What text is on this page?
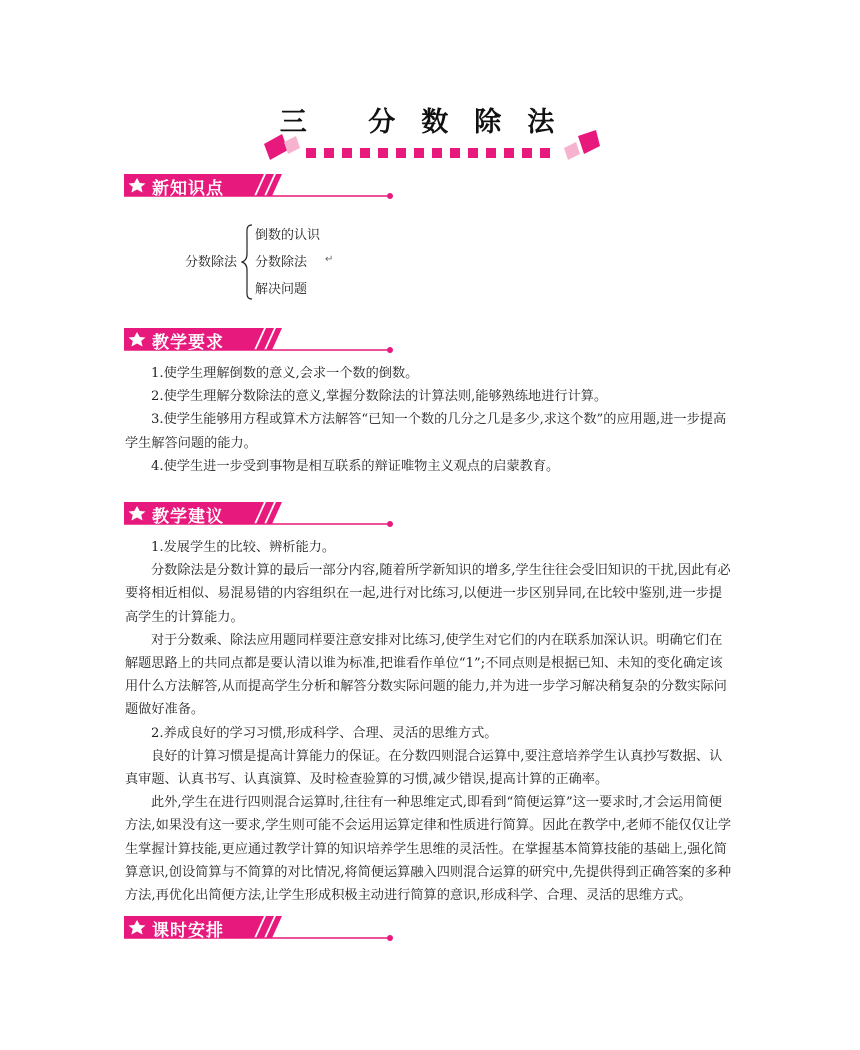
三 分数除法
新知识点
分数除法
倒数的认识
分数除法 ↵
解决问题
教学要求

1.使学生理解倒数的意义,会求一个数的倒数。

2.使学生理解分数除法的意义,掌握分数除法的计算法则,能够熟练地进行计算。

3.使学生能够用方程或算术方法解答“已知一个数的几分之几是多少,求这个数”的应用题,进一步提高学生解答问题的能力。

4.使学生进一步受到事物是相互联系的辩证唯物主义观点的启蒙教育。

教学建议

1.发展学生的比较、辨析能力。

分数除法是分数计算的最后一部分内容,随着所学新知识的增多,学生往往会受旧知识的干扰,因此有必要将相近相似、易混易错的内容组织在一起,进行对比练习,以便进一步区别异同,在比较中鉴别,进一步提高学生的计算能力。

对于分数乘、除法应用题同样要注意安排对比练习,使学生对它们的内在联系加深认识。明确它们在解题思路上的共同点都是要认清以谁为标准,把谁看作单位“1”;不同点则是根据已知、未知的变化确定该用什么方法解答,从而提高学生分析和解答分数实际问题的能力,并为进一步学习解决稍复杂的分数实际问题做好准备。

2.养成良好的学习习惯,形成科学、合理、灵活的思维方式。

良好的计算习惯是提高计算能力的保证。在分数四则混合运算中,要注意培养学生认真抄写数据、认真审题、认真书写、认真演算、及时检查验算的习惯,减少错误,提高计算的正确率。

此外,学生在进行四则混合运算时,往往有一种思维定式,即看到“简便运算”这一要求时,才会运用简便方法,如果没有这一要求,学生则可能不会运用运算定律和性质进行简算。因此在教学中,老师不能仅仅让学生掌握计算技能,更应通过教学计算的知识培养学生思维的灵活性。在掌握基本简算技能的基础上,强化简算意识,创设简算与不简算的对比情况,将简便运算融入四则混合运算的研究中,先提供得到正确答案的多种方法,再优化出简便方法,让学生形成积极主动进行简算的意识,形成科学、合理、灵活的思维方式。

课时安排
